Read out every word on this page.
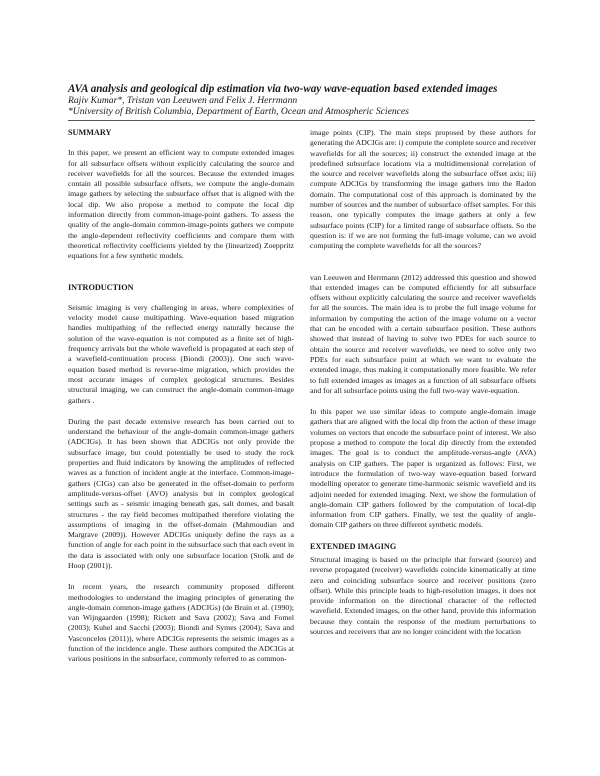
AVA analysis and geological dip estimation via two-way wave-equation based extended images
Rajiv Kumar*, Tristan van Leeuwen and Felix J. Herrmann
*University of British Columbia, Department of Earth, Ocean and Atmospheric Sciences
SUMMARY

In this paper, we present an efficient way to compute extended images for all subsurface offsets without explicitly calculating the source and receiver wavefields for all the sources. Because the extended images contain all possible subsurface offsets, we compute the angle-domain image gathers by selecting the subsurface offset that is aligned with the local dip. We also propose a method to compute the local dip information directly from common-image-point gathers. To assess the quality of the angle-domain common-image-points gathers we compute the angle-dependent reflectivity coefficients and compare them with theoretical reflectivity coefficients yielded by the (linearized) Zoeppritz equations for a few synthetic models.

INTRODUCTION

Seismic imaging is very challenging in areas, where complexities of velocity model cause multipathing. Wave-equation based migration handles multipathing of the reflected energy naturally because the solution of the wave-equation is not computed as a finite set of high-frequency arrivals but the whole wavefield is propagated at each step of a wavefield-continuation process (Biondi (2003)). One such wave-equation based method is reverse-time migration, which provides the most accurate images of complex geological structures. Besides structural imaging, we can construct the angle-domain common-image gathers .

During the past decade extensive research has been carried out to understand the behaviour of the angle-domain common-image gathers (ADCIGs). It has been shown that ADCIGs not only provide the subsurface image, but could potentially be used to study the rock properties and fluid indicators by knowing the amplitudes of reflected waves as a function of incident angle at the interface. Common-image-gathers (CIGs) can also be generated in the offset-domain to perform amplitude-versus-offset (AVO) analysis but in complex geological settings such as - seismic imaging beneath gas, salt domes, and basalt structures - the ray field becomes multipathed therefore violating the assumptions of imaging in the offset-domain (Mahmoudian and Margrave (2009)). However ADCIGs uniquely define the rays as a function of angle for each point in the subsurface such that each event in the data is associated with only one subsurface location (Stolk and de Hoop (2001)).

In recent years, the research community proposed different methodologies to understand the imaging principles of generating the angle-domain common-image gathers (ADCIGs) (de Bruin et al. (1990); van Wijngaarden (1998); Rickett and Sava (2002); Sava and Fomel (2003); Kuhel and Sacchi (2003); Biondi and Symes (2004); Sava and Vasconcelos (2011)), where ADCIGs represents the seismic images as a function of the incidence angle. These authors computed the ADCIGs at various positions in the subsurface, commonly referred to as common-

image points (CIP). The main steps proposed by these authors for generating the ADCIGs are: i) compute the complete source and receiver wavefields for all the sources; ii) construct the extended image at the predefined subsurface locations via a multidimensional correlation of the source and receiver wavefields along the subsurface offset axis; iii) compute ADCIGs by transforming the image gathers into the Radon domain. The computational cost of this approach is dominated by the number of sources and the number of subsurface offset samples. For this reason, one typically computes the image gathers at only a few subsurface points (CIP) for a limited range of subsurface offsets. So the question is: if we are not forming the full-image volume, can we avoid computing the complete wavefields for all the sources?

van Leeuwen and Herrmann (2012) addressed this question and showed that extended images can be computed efficiently for all subsurface offsets without explicitly calculating the source and receiver wavefields for all the sources. The main idea is to probe the full image volume for information by computing the action of the image volume on a vector that can be encoded with a certain subsurface position. These authors showed that instead of having to solve two PDEs for each source to obtain the source and receiver wavefields, we need to solve only two PDEs for each subsurface point at which we want to evaluate the extended image, thus making it computationally more feasible. We refer to full extended images as images as a function of all subsurface offsets and for all subsurface points using the full two-way wave-equation.

In this paper we use similar ideas to compute angle-domain image gathers that are aligned with the local dip from the action of these image volumes on vectors that encode the subsurface point of interest. We also propose a method to compute the local dip directly from the extended images. The goal is to conduct the amplitude-versus-angle (AVA) analysis on CIP gathers. The paper is organized as follows: First, we introduce the formulation of two-way wave-equation based forward modelling operator to generate time-harmonic seismic wavefield and its adjoint needed for extended imaging. Next, we show the formulation of angle-domain CIP gathers followed by the computation of local-dip information from CIP gathers. Finally, we test the quality of angle-domain CIP gathers on three different synthetic models.

EXTENDED IMAGING

Structural imaging is based on the principle that forward (source) and reverse propagated (receiver) wavefields coincide kinematically at time zero and coinciding subsurface source and receiver positions (zero offset). While this principle leads to high-resolution images, it does not provide information on the directional character of the reflected wavefield. Extended images, on the other hand, provide this information because they contain the response of the medium perturbations to sources and receivers that are no longer coincident with the location
